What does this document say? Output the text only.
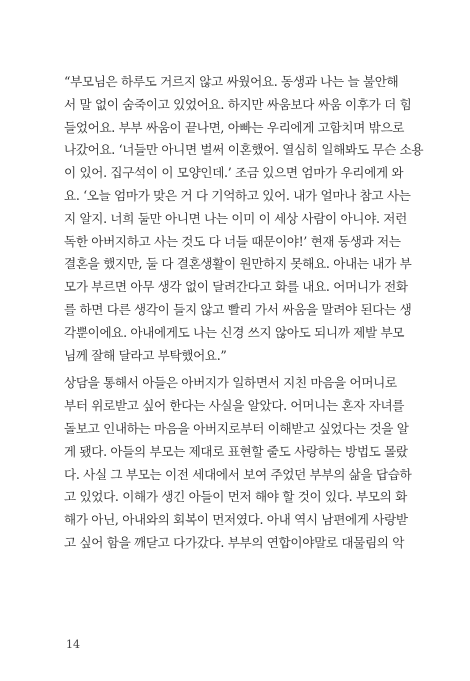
“부모님은 하루도 거르지 않고 싸웠어요. 동생과 나는 늘 불안해
서 말 없이 숨죽이고 있었어요. 하지만 싸움보다 싸움 이후가 더 힘
들었어요. 부부 싸움이 끝나면, 아빠는 우리에게 고함치며 밖으로
나갔어요. ‘너들만 아니면 벌써 이혼했어. 열심히 일해봐도 무슨 소용
이 있어. 집구석이 이 모양인데.’ 조금 있으면 엄마가 우리에게 와
요. ‘오늘 엄마가 맞은 거 다 기억하고 있어. 내가 얼마나 참고 사는
지 알지. 너희 둘만 아니면 나는 이미 이 세상 사람이 아니야. 저런
독한 아버지하고 사는 것도 다 너들 때문이야!’ 현재 동생과 저는
결혼을 했지만, 둘 다 결혼생활이 원만하지 못해요. 아내는 내가 부
모가 부르면 아무 생각 없이 달려간다고 화를 내요. 어머니가 전화
를 하면 다른 생각이 들지 않고 빨리 가서 싸움을 말려야 된다는 생
각뿐이에요. 아내에게도 나는 신경 쓰지 않아도 되니까 제발 부모
님께 잘해 달라고 부탁했어요.”
상담을 통해서 아들은 아버지가 일하면서 지친 마음을 어머니로
부터 위로받고 싶어 한다는 사실을 알았다. 어머니는 혼자 자녀를
돌보고 인내하는 마음을 아버지로부터 이해받고 싶었다는 것을 알
게 됐다. 아들의 부모는 제대로 표현할 줄도 사랑하는 방법도 몰랐
다. 사실 그 부모는 이전 세대에서 보여 주었던 부부의 삶을 답습하
고 있었다. 이해가 생긴 아들이 먼저 해야 할 것이 있다. 부모의 화
해가 아닌, 아내와의 회복이 먼저였다. 아내 역시 남편에게 사랑받
고 싶어 함을 깨닫고 다가갔다. 부부의 연합이야말로 대물림의 악
14
